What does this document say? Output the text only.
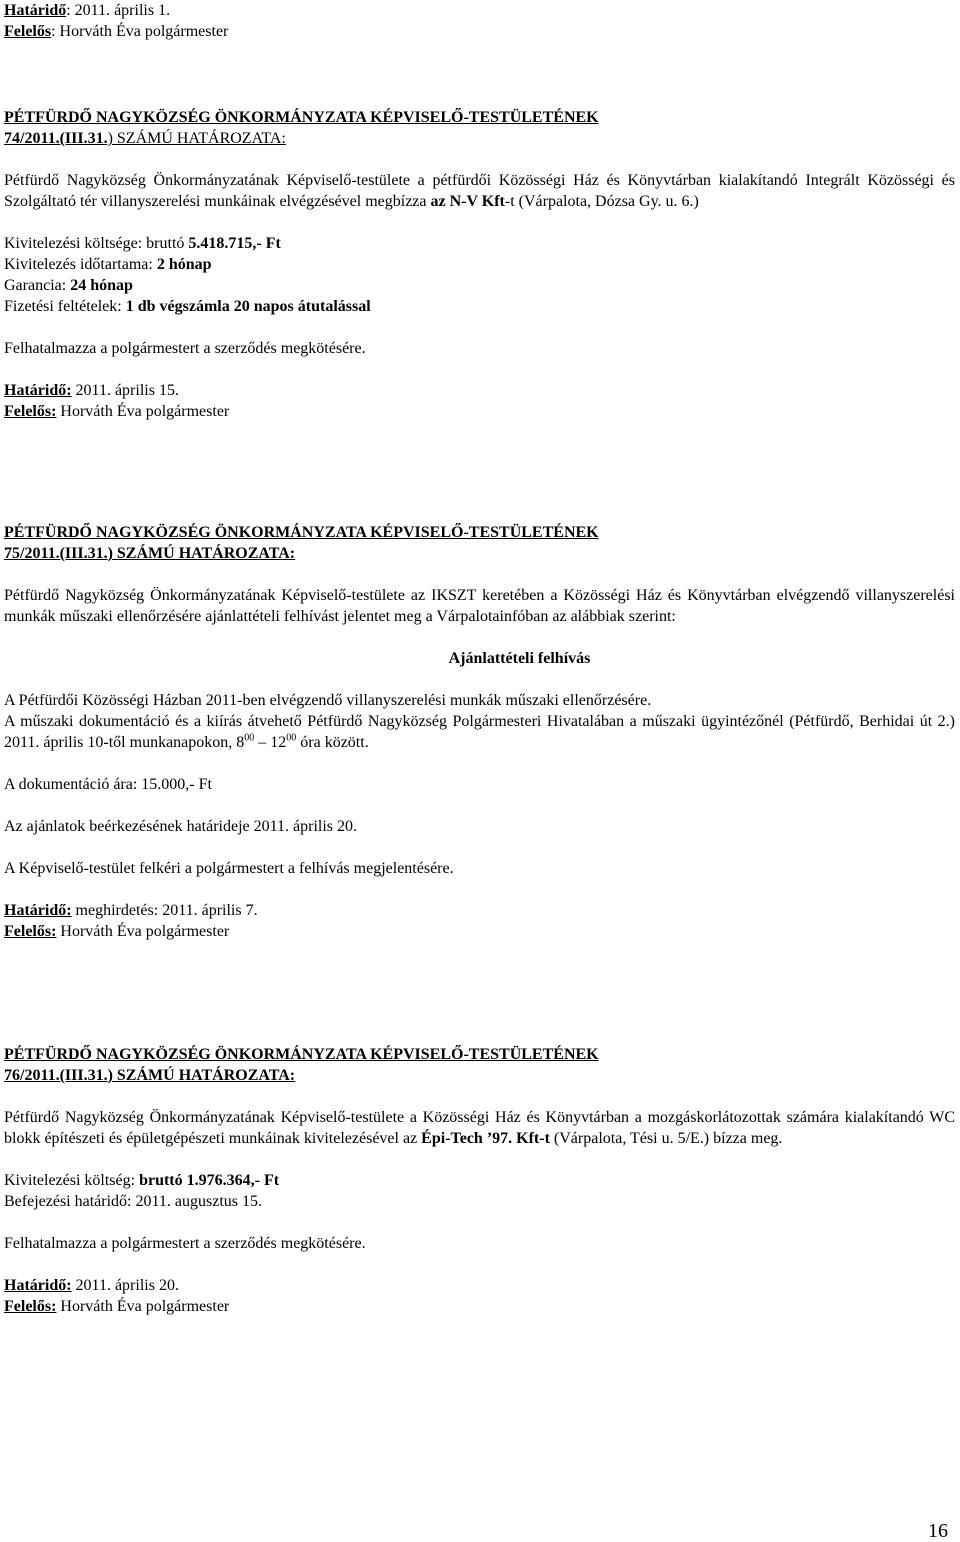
Határidő: 2011. április 1.
Felelős: Horváth Éva polgármester
PÉTFÜRDŐ NAGYKÖZSÉG ÖNKORMÁNYZATA KÉPVISELŐ-TESTÜLETÉNEK
74/2011.(III.31.) SZÁMÚ HATÁROZATA:
Pétfürdő Nagyközség Önkormányzatának Képviselő-testülete a pétfürdői Közösségi Ház és Könyvtárban kialakítandó Integrált Közösségi és Szolgáltató tér villanyszerelési munkáinak elvégzésével megbízza az N-V Kft-t (Várpalota, Dózsa Gy. u. 6.)
Kivitelezési költsége: bruttó 5.418.715,- Ft
Kivitelezés időtartama: 2 hónap
Garancia: 24 hónap
Fizetési feltételek: 1 db végszámla 20 napos átutalással
Felhatalmazza a polgármestert a szerződés megkötésére.
Határidő: 2011. április 15.
Felelős: Horváth Éva polgármester
PÉTFÜRDŐ NAGYKÖZSÉG ÖNKORMÁNYZATA KÉPVISELŐ-TESTÜLETÉNEK
75/2011.(III.31.) SZÁMÚ HATÁROZATA:
Pétfürdő Nagyközség Önkormányzatának Képviselő-testülete az IKSZT keretében a Közösségi Ház és Könyvtárban elvégzendő villanyszerelési munkák műszaki ellenőrzésére ajánlattételi felhívást jelentet meg a Várpalotainfóban az alábbiak szerint:
Ajánlattételi felhívás
A Pétfürdői Közösségi Házban 2011-ben elvégzendő villanyszerelési munkák műszaki ellenőrzésére.
A műszaki dokumentáció és a kiírás átvehető Pétfürdő Nagyközség Polgármesteri Hivatalában a műszaki ügyintézőnél (Pétfürdő, Berhidai út 2.) 2011. április 10-től munkanapokon, $8^{00} - 12^{00}$ óra között.
A dokumentáció ára: 15.000,- Ft
Az ajánlatok beérkezésének határideje 2011. április 20.
A Képviselő-testület felkéri a polgármestert a felhívás megjelentésére.
Határidő: meghirdetés: 2011. április 7.
Felelős: Horváth Éva polgármester
PÉTFÜRDŐ NAGYKÖZSÉG ÖNKORMÁNYZATA KÉPVISELŐ-TESTÜLETÉNEK
76/2011.(III.31.) SZÁMÚ HATÁROZATA:
Pétfürdő Nagyközség Önkormányzatának Képviselő-testülete a Közösségi Ház és Könyvtárban a mozgáskorlátozottak számára kialakítandó WC blokk építészeti és épületgépészeti munkáinak kivitelezésével az Épi-Tech ’97. Kft-t (Várpalota, Tési u. 5/E.) bízza meg.
Kivitelezési költség: bruttó 1.976.364,- Ft
Befejezési határidő: 2011. augusztus 15.
Felhatalmazza a polgármestert a szerződés megkötésére.
Határidő: 2011. április 20.
Felelős: Horváth Éva polgármester
16
